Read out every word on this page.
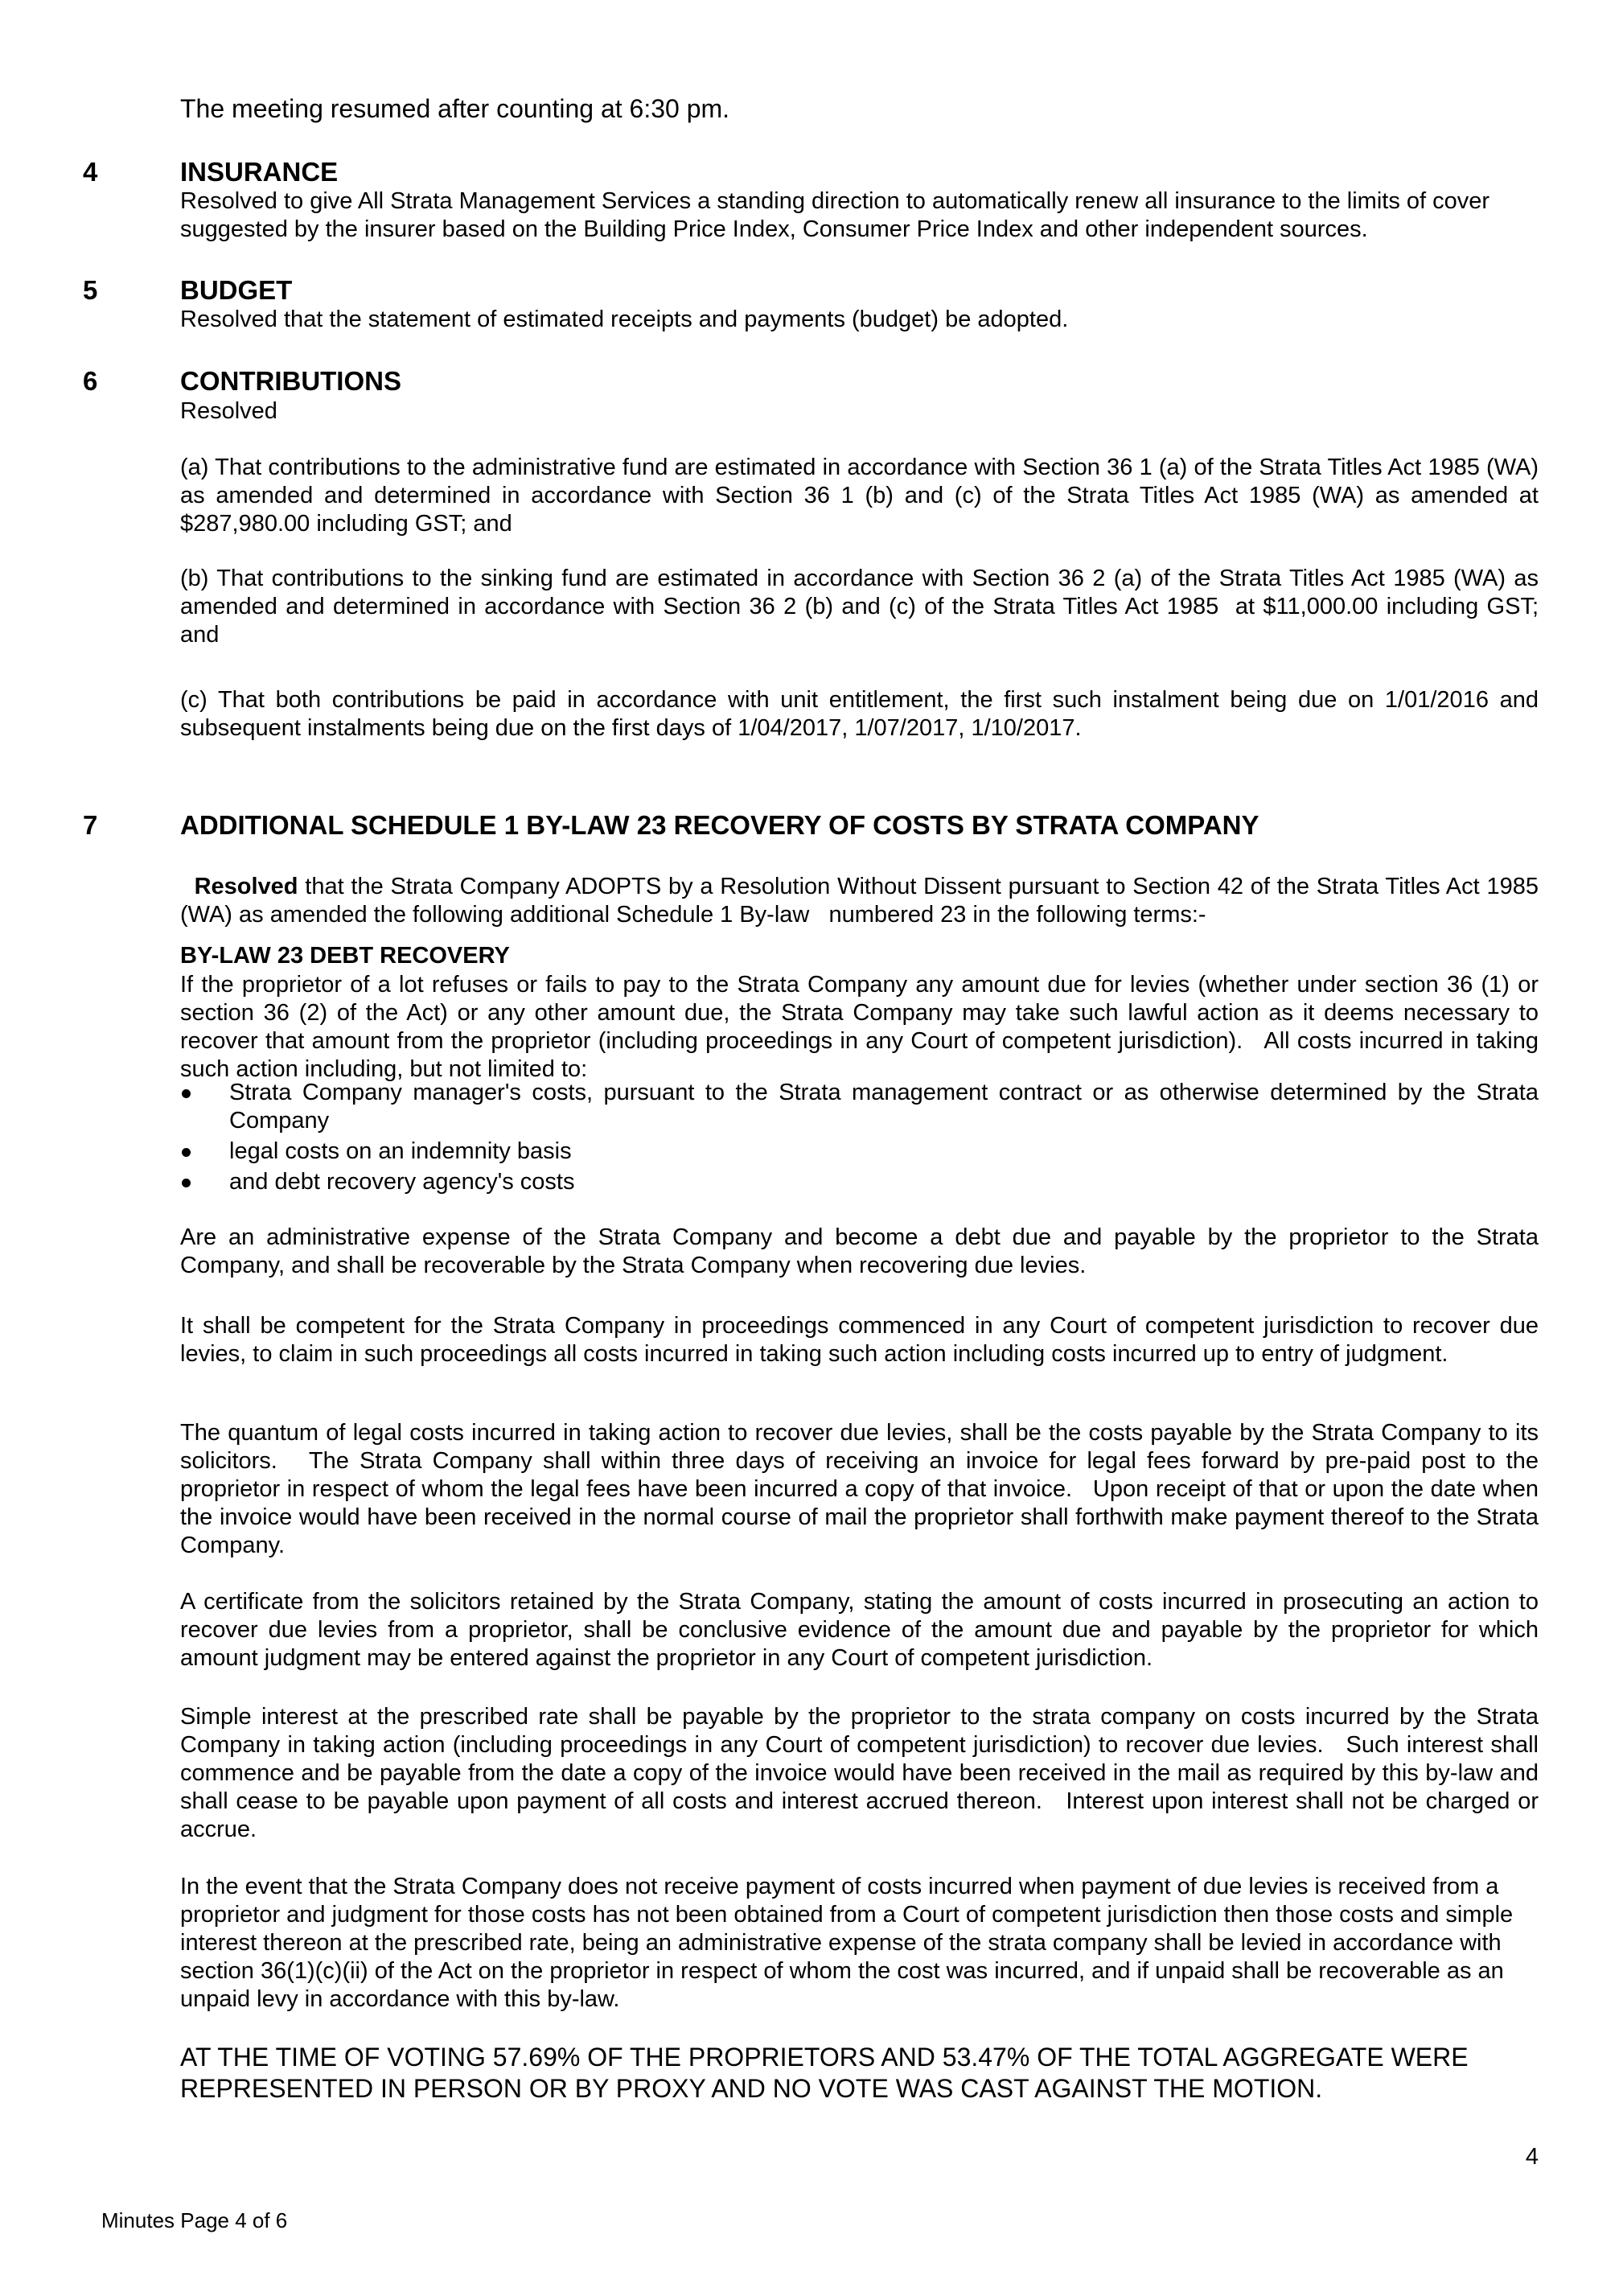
The meeting resumed after counting at 6:30 pm.
4	INSURANCE
Resolved to give All Strata Management Services a standing direction to automatically renew all insurance to the limits of cover suggested by the insurer based on the Building Price Index, Consumer Price Index and other independent sources.
5	BUDGET
Resolved that the statement of estimated receipts and payments (budget) be adopted.
6	CONTRIBUTIONS
Resolved
(a) That contributions to the administrative fund are estimated in accordance with Section 36 1 (a) of the Strata Titles Act 1985 (WA) as amended and determined in accordance with Section 36 1 (b) and (c) of the Strata Titles Act 1985 (WA) as amended at $287,980.00 including GST; and
(b) That contributions to the sinking fund are estimated in accordance with Section 36 2 (a) of the Strata Titles Act 1985 (WA) as amended and determined in accordance with Section 36 2 (b) and (c) of the Strata Titles Act 1985  at $11,000.00 including GST; and
(c) That both contributions be paid in accordance with unit entitlement, the first such instalment being due on 1/01/2016 and subsequent instalments being due on the first days of 1/04/2017, 1/07/2017, 1/10/2017.
7	ADDITIONAL SCHEDULE 1 BY-LAW 23 RECOVERY OF COSTS BY STRATA COMPANY

Resolved that the Strata Company ADOPTS by a Resolution Without Dissent pursuant to Section 42 of the Strata Titles Act 1985 (WA) as amended the following additional Schedule 1 By-law   numbered 23 in the following terms:-

BY-LAW 23 DEBT RECOVERY
If the proprietor of a lot refuses or fails to pay to the Strata Company any amount due for levies (whether under section 36 (1) or section 36 (2) of the Act) or any other amount due, the Strata Company may take such lawful action as it deems necessary to recover that amount from the proprietor (including proceedings in any Court of competent jurisdiction).   All costs incurred in taking such action including, but not limited to:
Strata Company manager's costs, pursuant to the Strata management contract or as otherwise determined by the Strata Company
legal costs on an indemnity basis
and debt recovery agency's costs
Are an administrative expense of the Strata Company and become a debt due and payable by the proprietor to the Strata Company, and shall be recoverable by the Strata Company when recovering due levies.
It shall be competent for the Strata Company in proceedings commenced in any Court of competent jurisdiction to recover due levies, to claim in such proceedings all costs incurred in taking such action including costs incurred up to entry of judgment.
The quantum of legal costs incurred in taking action to recover due levies, shall be the costs payable by the Strata Company to its solicitors.   The Strata Company shall within three days of receiving an invoice for legal fees forward by pre-paid post to the proprietor in respect of whom the legal fees have been incurred a copy of that invoice.   Upon receipt of that or upon the date when the invoice would have been received in the normal course of mail the proprietor shall forthwith make payment thereof to the Strata Company.
A certificate from the solicitors retained by the Strata Company, stating the amount of costs incurred in prosecuting an action to recover due levies from a proprietor, shall be conclusive evidence of the amount due and payable by the proprietor for which amount judgment may be entered against the proprietor in any Court of competent jurisdiction.
Simple interest at the prescribed rate shall be payable by the proprietor to the strata company on costs incurred by the Strata Company in taking action (including proceedings in any Court of competent jurisdiction) to recover due levies.   Such interest shall commence and be payable from the date a copy of the invoice would have been received in the mail as required by this by-law and shall cease to be payable upon payment of all costs and interest accrued thereon.   Interest upon interest shall not be charged or accrue.
In the event that the Strata Company does not receive payment of costs incurred when payment of due levies is received from a proprietor and judgment for those costs has not been obtained from a Court of competent jurisdiction then those costs and simple interest thereon at the prescribed rate, being an administrative expense of the strata company shall be levied in accordance with section 36(1)(c)(ii) of the Act on the proprietor in respect of whom the cost was incurred, and if unpaid shall be recoverable as an unpaid levy in accordance with this by-law.
AT THE TIME OF VOTING 57.69% OF THE PROPRIETORS AND 53.47% OF THE TOTAL AGGREGATE WERE REPRESENTED IN PERSON OR BY PROXY AND NO VOTE WAS CAST AGAINST THE MOTION.
4
Minutes Page 4 of 6
